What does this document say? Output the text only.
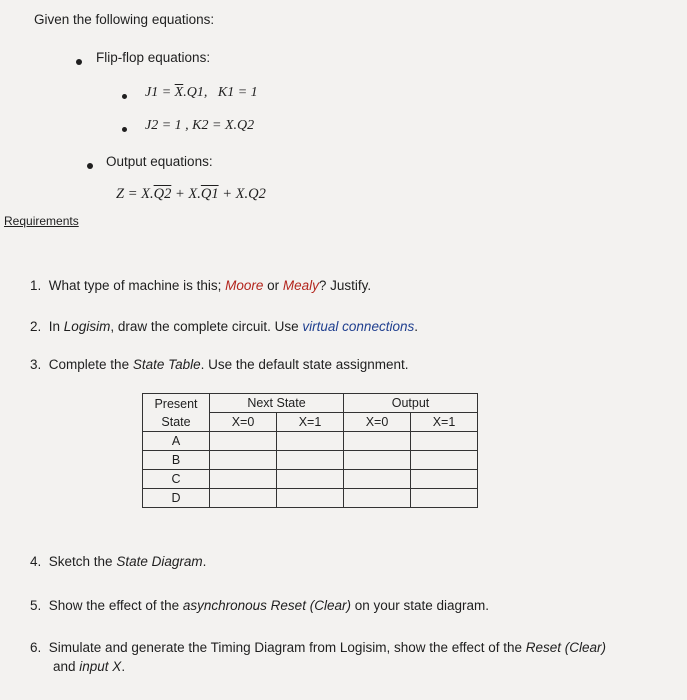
Given the following equations:
Flip-flop equations:
$J1 = \overline{X}.Q1$, K1 = 1
J2 = 1 , K2 = X.Q2
Output equations:
Z = X.Q2 + X.Q1 + X.Q2
Requirements
1. What type of machine is this; Moore or Mealy? Justify.
2. In Logisim, draw the complete circuit. Use virtual connections.
3. Complete the State Table. Use the default state assignment.
Present
State	Next State		Output	
	X=0	X=1	X=0	X=1
A				
B				
C				
D				
4. Sketch the State Diagram.
5. Show the effect of the asynchronous Reset (Clear) on your state diagram.
6. Simulate and generate the Timing Diagram from Logisim, show the effect of the Reset (Clear)
and input X.
